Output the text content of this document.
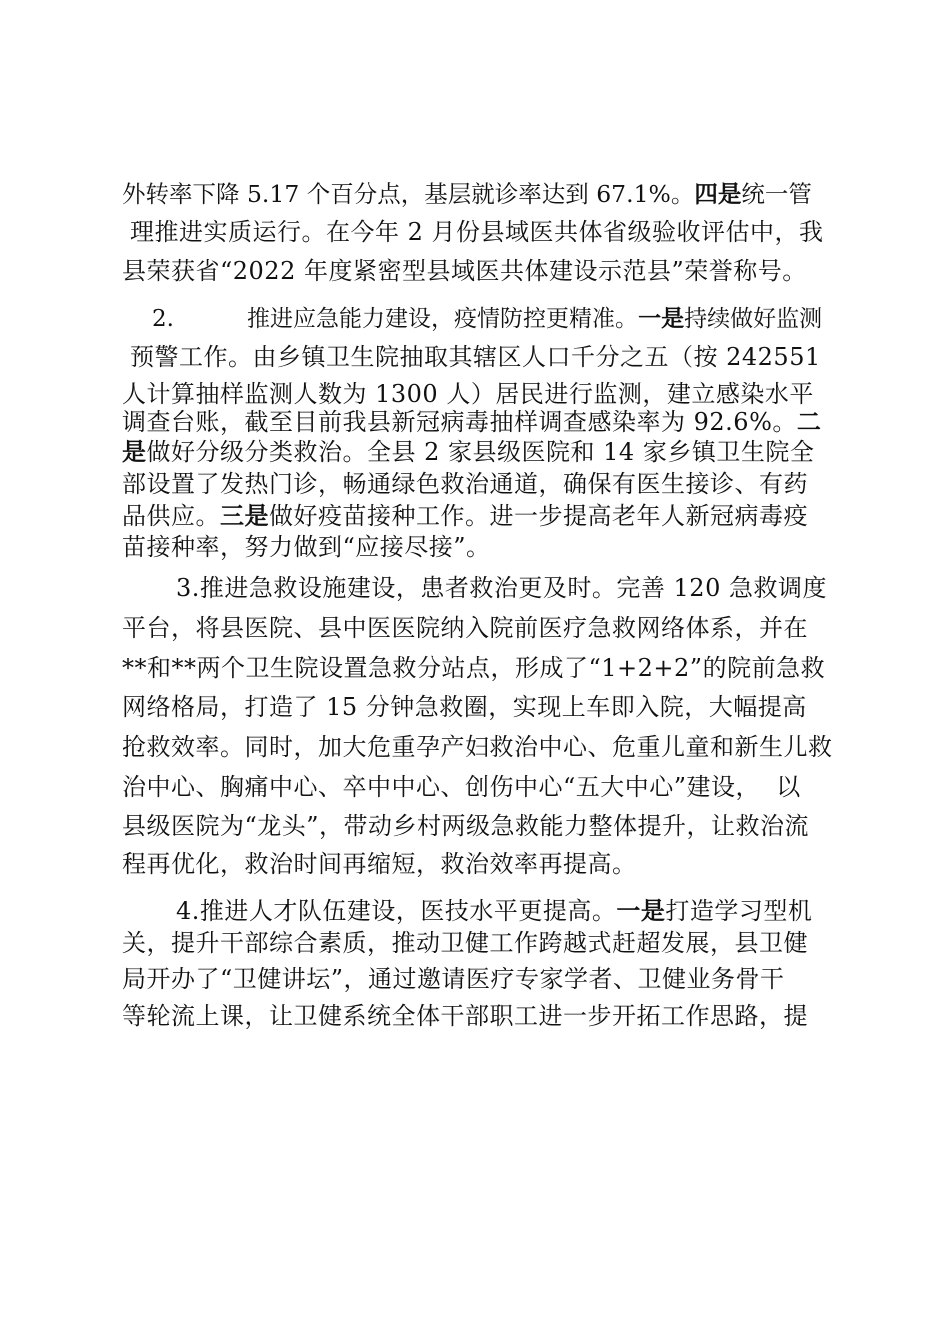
外转率下降 5.17 个百分点，基层就诊率达到 67.1%。四是统一管
理推进实质运行。在今年 2 月份县域医共体省级验收评估中，我
县荣获省“2022 年度紧密型县域医共体建设示范县”荣誉称号。
2.          推进应急能力建设，疫情防控更精准。一是持续做好监测
预警工作。由乡镇卫生院抽取其辖区人口千分之五（按 242551
人计算抽样监测人数为 1300 人）居民进行监测，建立感染水平
调查台账，截至目前我县新冠病毒抽样调查感染率为 92.6%。二
是做好分级分类救治。全县 2 家县级医院和 14 家乡镇卫生院全
部设置了发热门诊，畅通绿色救治通道，确保有医生接诊、有药
品供应。三是做好疫苗接种工作。进一步提高老年人新冠病毒疫
苗接种率，努力做到“应接尽接”。
3.推进急救设施建设，患者救治更及时。完善 120 急救调度
平台，将县医院、县中医医院纳入院前医疗急救网络体系，并在
**和**两个卫生院设置急救分站点，形成了“1+2+2”的院前急救
网络格局，打造了 15 分钟急救圈，实现上车即入院，大幅提高
抢救效率。同时，加大危重孕产妇救治中心、危重儿童和新生儿救
治中心、胸痛中心、卒中中心、创伤中心“五大中心”建设，  以
县级医院为“龙头”，带动乡村两级急救能力整体提升，让救治流
程再优化，救治时间再缩短，救治效率再提高。
4.推进人才队伍建设，医技水平更提高。一是打造学习型机
关，提升干部综合素质，推动卫健工作跨越式赶超发展，县卫健
局开办了“卫健讲坛”，通过邀请医疗专家学者、卫健业务骨干
等轮流上课，让卫健系统全体干部职工进一步开拓工作思路，提
